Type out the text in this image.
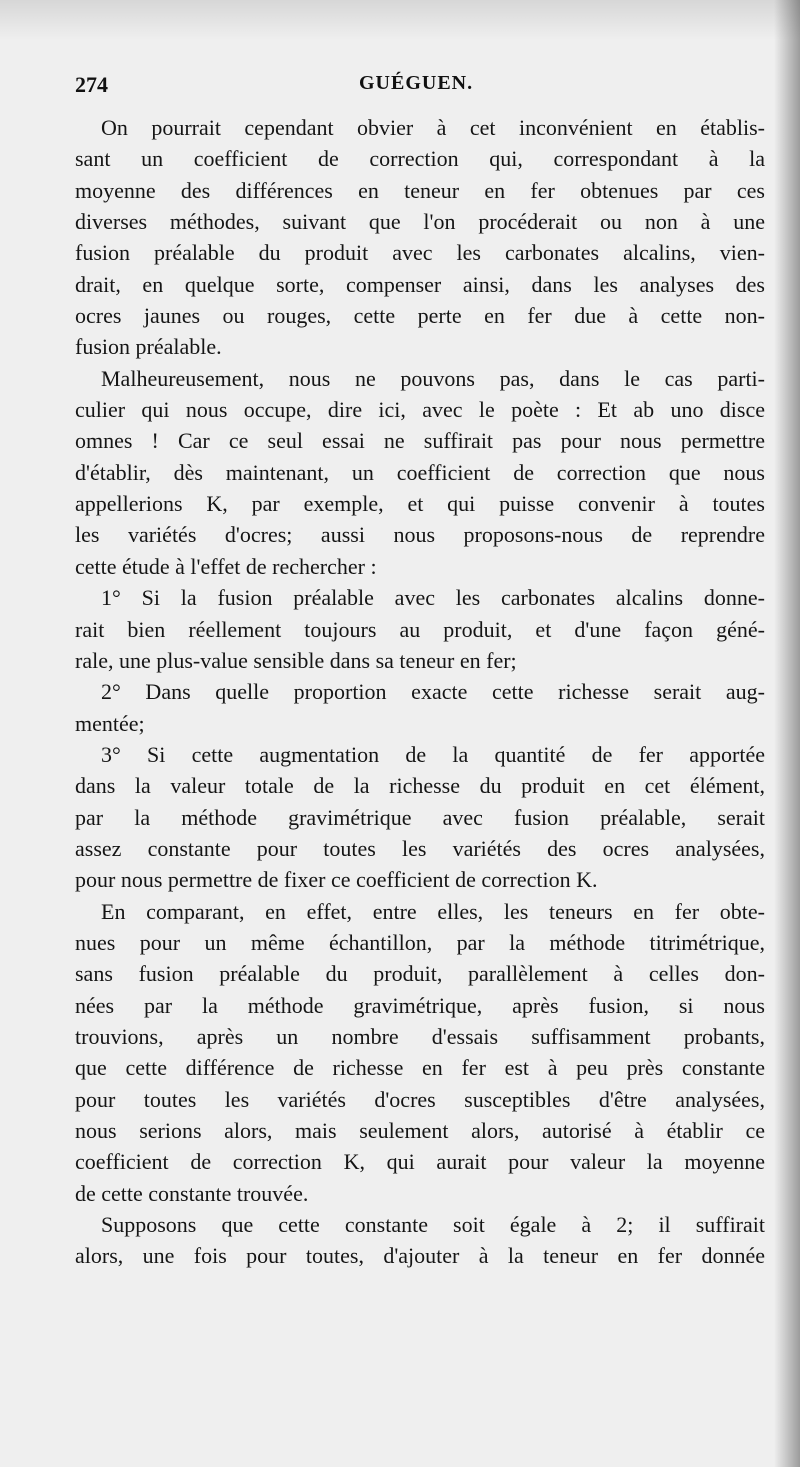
274	GUÉGUEN.
On pourrait cependant obvier à cet inconvénient en établis-
sant un coefficient de correction qui, correspondant à la
moyenne des différences en teneur en fer obtenues par ces
diverses méthodes, suivant que l'on procéderait ou non à une
fusion préalable du produit avec les carbonates alcalins, vien-
drait, en quelque sorte, compenser ainsi, dans les analyses des
ocres jaunes ou rouges, cette perte en fer due à cette non-
fusion préalable.
Malheureusement, nous ne pouvons pas, dans le cas parti-
culier qui nous occupe, dire ici, avec le poète : Et ab uno disce
omnes ! Car ce seul essai ne suffirait pas pour nous permettre
d'établir, dès maintenant, un coefficient de correction que nous
appellerions K, par exemple, et qui puisse convenir à toutes
les variétés d'ocres; aussi nous proposons-nous de reprendre
cette étude à l'effet de rechercher :
1° Si la fusion préalable avec les carbonates alcalins donne-
rait bien réellement toujours au produit, et d'une façon géné-
rale, une plus-value sensible dans sa teneur en fer;
2° Dans quelle proportion exacte cette richesse serait aug-
mentée;
3° Si cette augmentation de la quantité de fer apportée
dans la valeur totale de la richesse du produit en cet élément,
par la méthode gravimétrique avec fusion préalable, serait
assez constante pour toutes les variétés des ocres analysées,
pour nous permettre de fixer ce coefficient de correction K.
En comparant, en effet, entre elles, les teneurs en fer obte-
nues pour un même échantillon, par la méthode titrimétrique,
sans fusion préalable du produit, parallèlement à celles don-
nées par la méthode gravimétrique, après fusion, si nous
trouvions, après un nombre d'essais suffisamment probants,
que cette différence de richesse en fer est à peu près constante
pour toutes les variétés d'ocres susceptibles d'être analysées,
nous serions alors, mais seulement alors, autorisé à établir ce
coefficient de correction K, qui aurait pour valeur la moyenne
de cette constante trouvée.
Supposons que cette constante soit égale à 2; il suffirait
alors, une fois pour toutes, d'ajouter à la teneur en fer donnée
